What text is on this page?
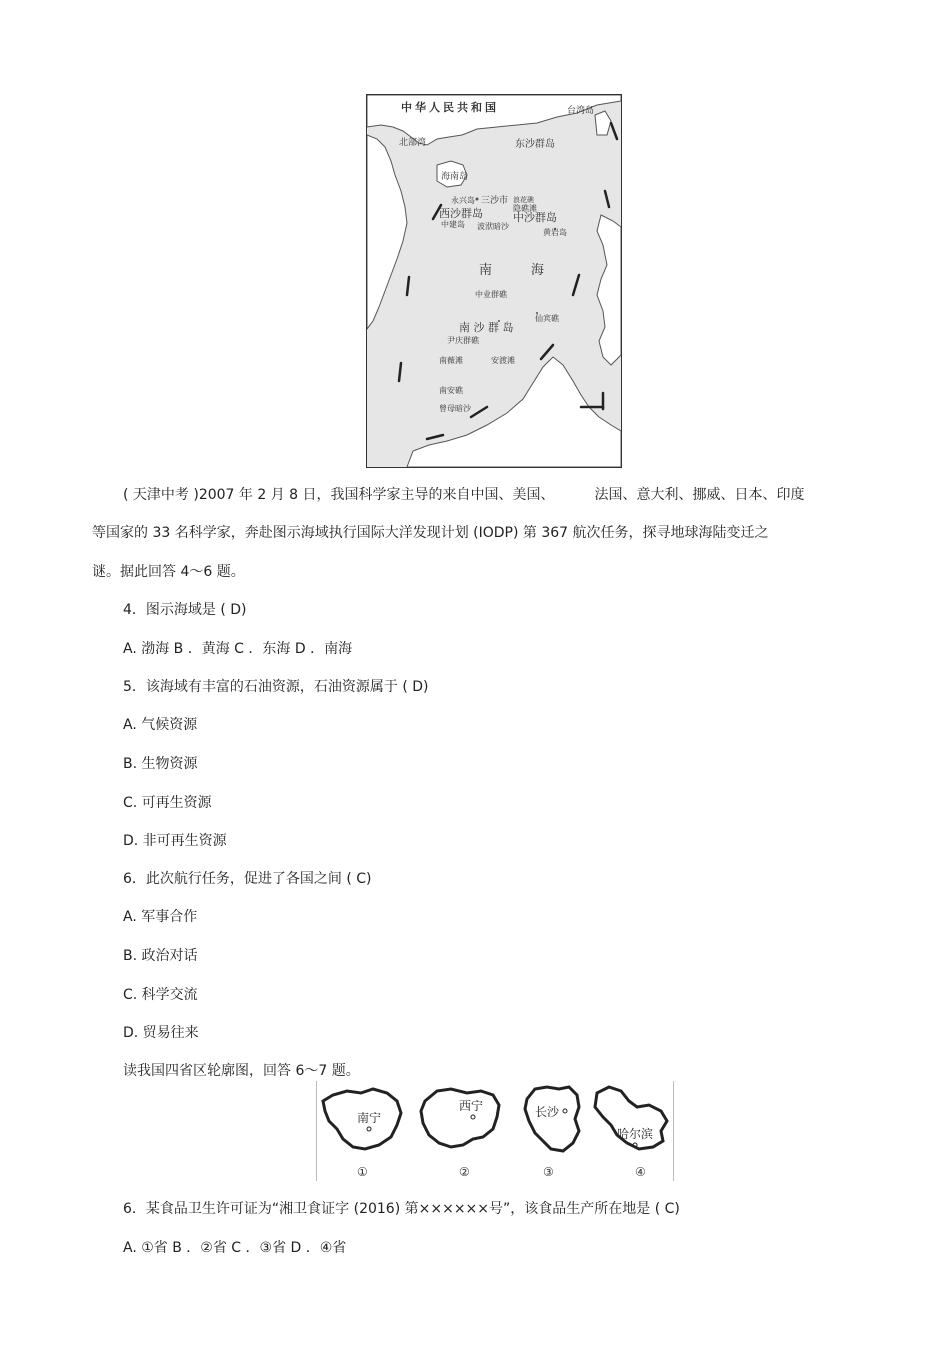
中华人民共和国	台湾岛
东沙群岛
北部湾
海南岛
永兴岛 三沙市
西沙群岛	中沙群岛
中建岛
隐礁滩
浪花礁
波洑暗沙
黄岩岛
南	海
中业群礁
南 沙 群 岛
仙宾礁
尹庆群礁
南薇滩	安渡滩
南安礁
曾母暗沙
( 天津中考 )2007 年 2 月 8 日，我国科学家主导的来自中国、美国、	法国、意大利、挪威、日本、印度
等国家的 33 名科学家，奔赴图示海域执行国际大洋发现计划 (IODP) 第 367 航次任务，探寻地球海陆变迁之
谜。据此回答 4～6 题。
4．图示海域是 ( D)
A. 渤海 B ．黄海 C ．东海 D ．南海
5．该海域有丰富的石油资源，石油资源属于 ( D)
A. 气候资源
B. 生物资源
C. 可再生资源
D. 非可再生资源
6．此次航行任务，促进了各国之间 ( C)
A. 军事合作
B. 政治对话
C. 科学交流
D. 贸易往来
读我国四省区轮廓图，回答 6～7 题。
南宁
西宁	长沙
哈尔滨
①	②	③	④
6．某食品卫生许可证为“湘卫食证字 (2016) 第××××××号”，该食品生产所在地是 ( C)
A. ①省 B ．②省 C ．③省 D ．④省
